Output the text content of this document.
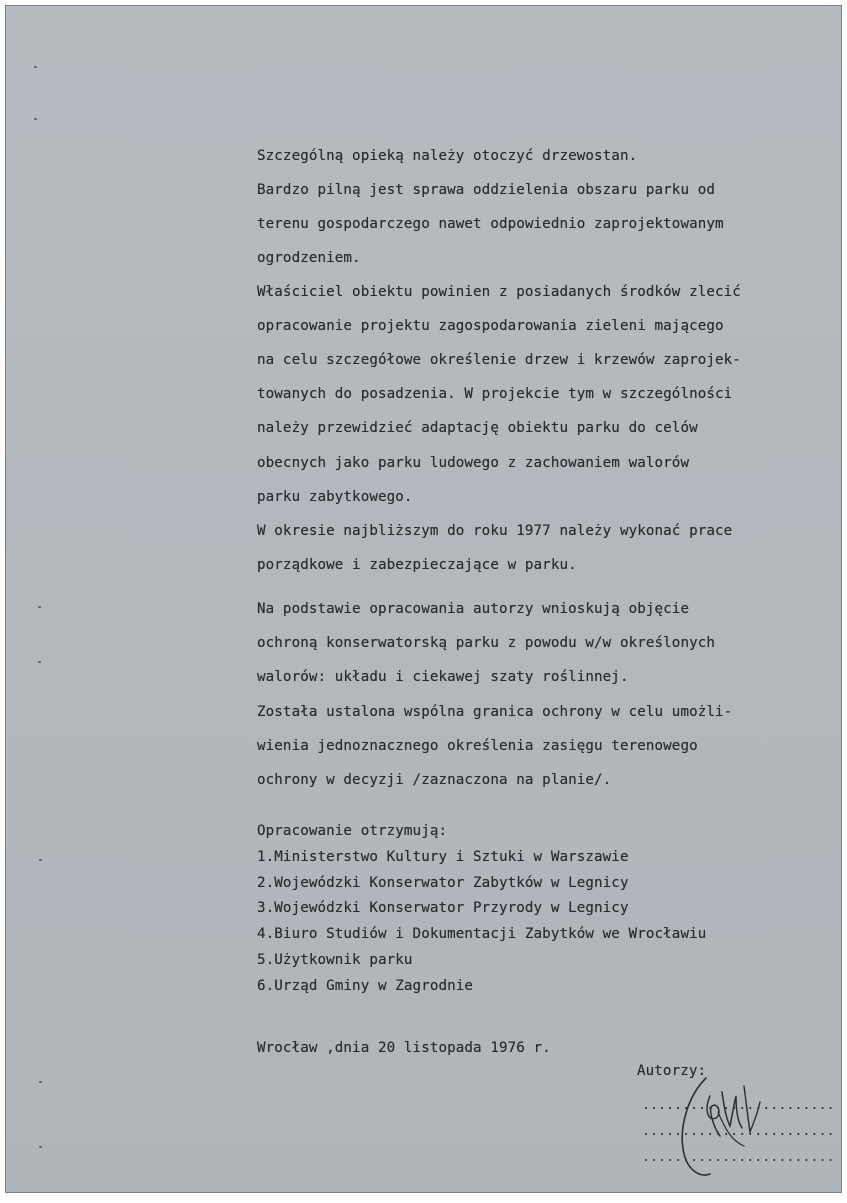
Szczególną opieką należy otoczyć drzewostan.
Bardzo pilną jest sprawa oddzielenia obszaru parku od
terenu gospodarczego nawet odpowiednio zaprojektowanym
ogrodzeniem.
Właściciel obiektu powinien z posiadanych środków zlecić
opracowanie projektu zagospodarowania zieleni mającego
na celu szczegółowe określenie drzew i krzewów zaprojek-
towanych do posadzenia. W projekcie tym w szczególności
należy przewidzieć adaptację obiektu parku do celów
obecnych jako parku ludowego z zachowaniem walorów
parku zabytkowego.
W okresie najbliższym do roku 1977 należy wykonać prace
porządkowe i zabezpieczające w parku.
Na podstawie opracowania autorzy wnioskują objęcie
ochroną konserwatorską parku z powodu w/w określonych
walorów: układu i ciekawej szaty roślinnej.
Została ustalona wspólna granica ochrony w celu umożli-
wienia jednoznacznego określenia zasięgu terenowego
ochrony w decyzji /zaznaczona na planie/.
Opracowanie otrzymują:
1.Ministerstwo Kultury i Sztuki w Warszawie
2.Wojewódzki Konserwator Zabytków w Legnicy
3.Wojewódzki Konserwator Przyrody w Legnicy
4.Biuro Studiów i Dokumentacji Zabytków we Wrocławiu
5.Użytkownik parku
6.Urząd Gminy w Zagrodnie
Wrocław ,dnia 20 listopada 1976 r.
Autorzy:
........................
........................
........................
